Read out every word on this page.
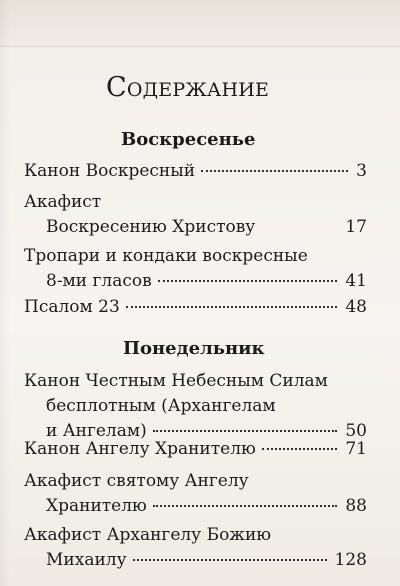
Содержание
Воскресенье
Канон Воскресный	3
Акафист
Воскресению Христову	17
Тропари и кондаки воскресные
8-ми гласов	41
Псалом 23	48
Понедельник
Канон Честным Небесным Силам
бесплотным (Архангелам
и Ангелам)	50
Канон Ангелу Хранителю	71
Акафист святому Ангелу
Хранителю	88
Акафист Архангелу Божию
Михаилу	128
